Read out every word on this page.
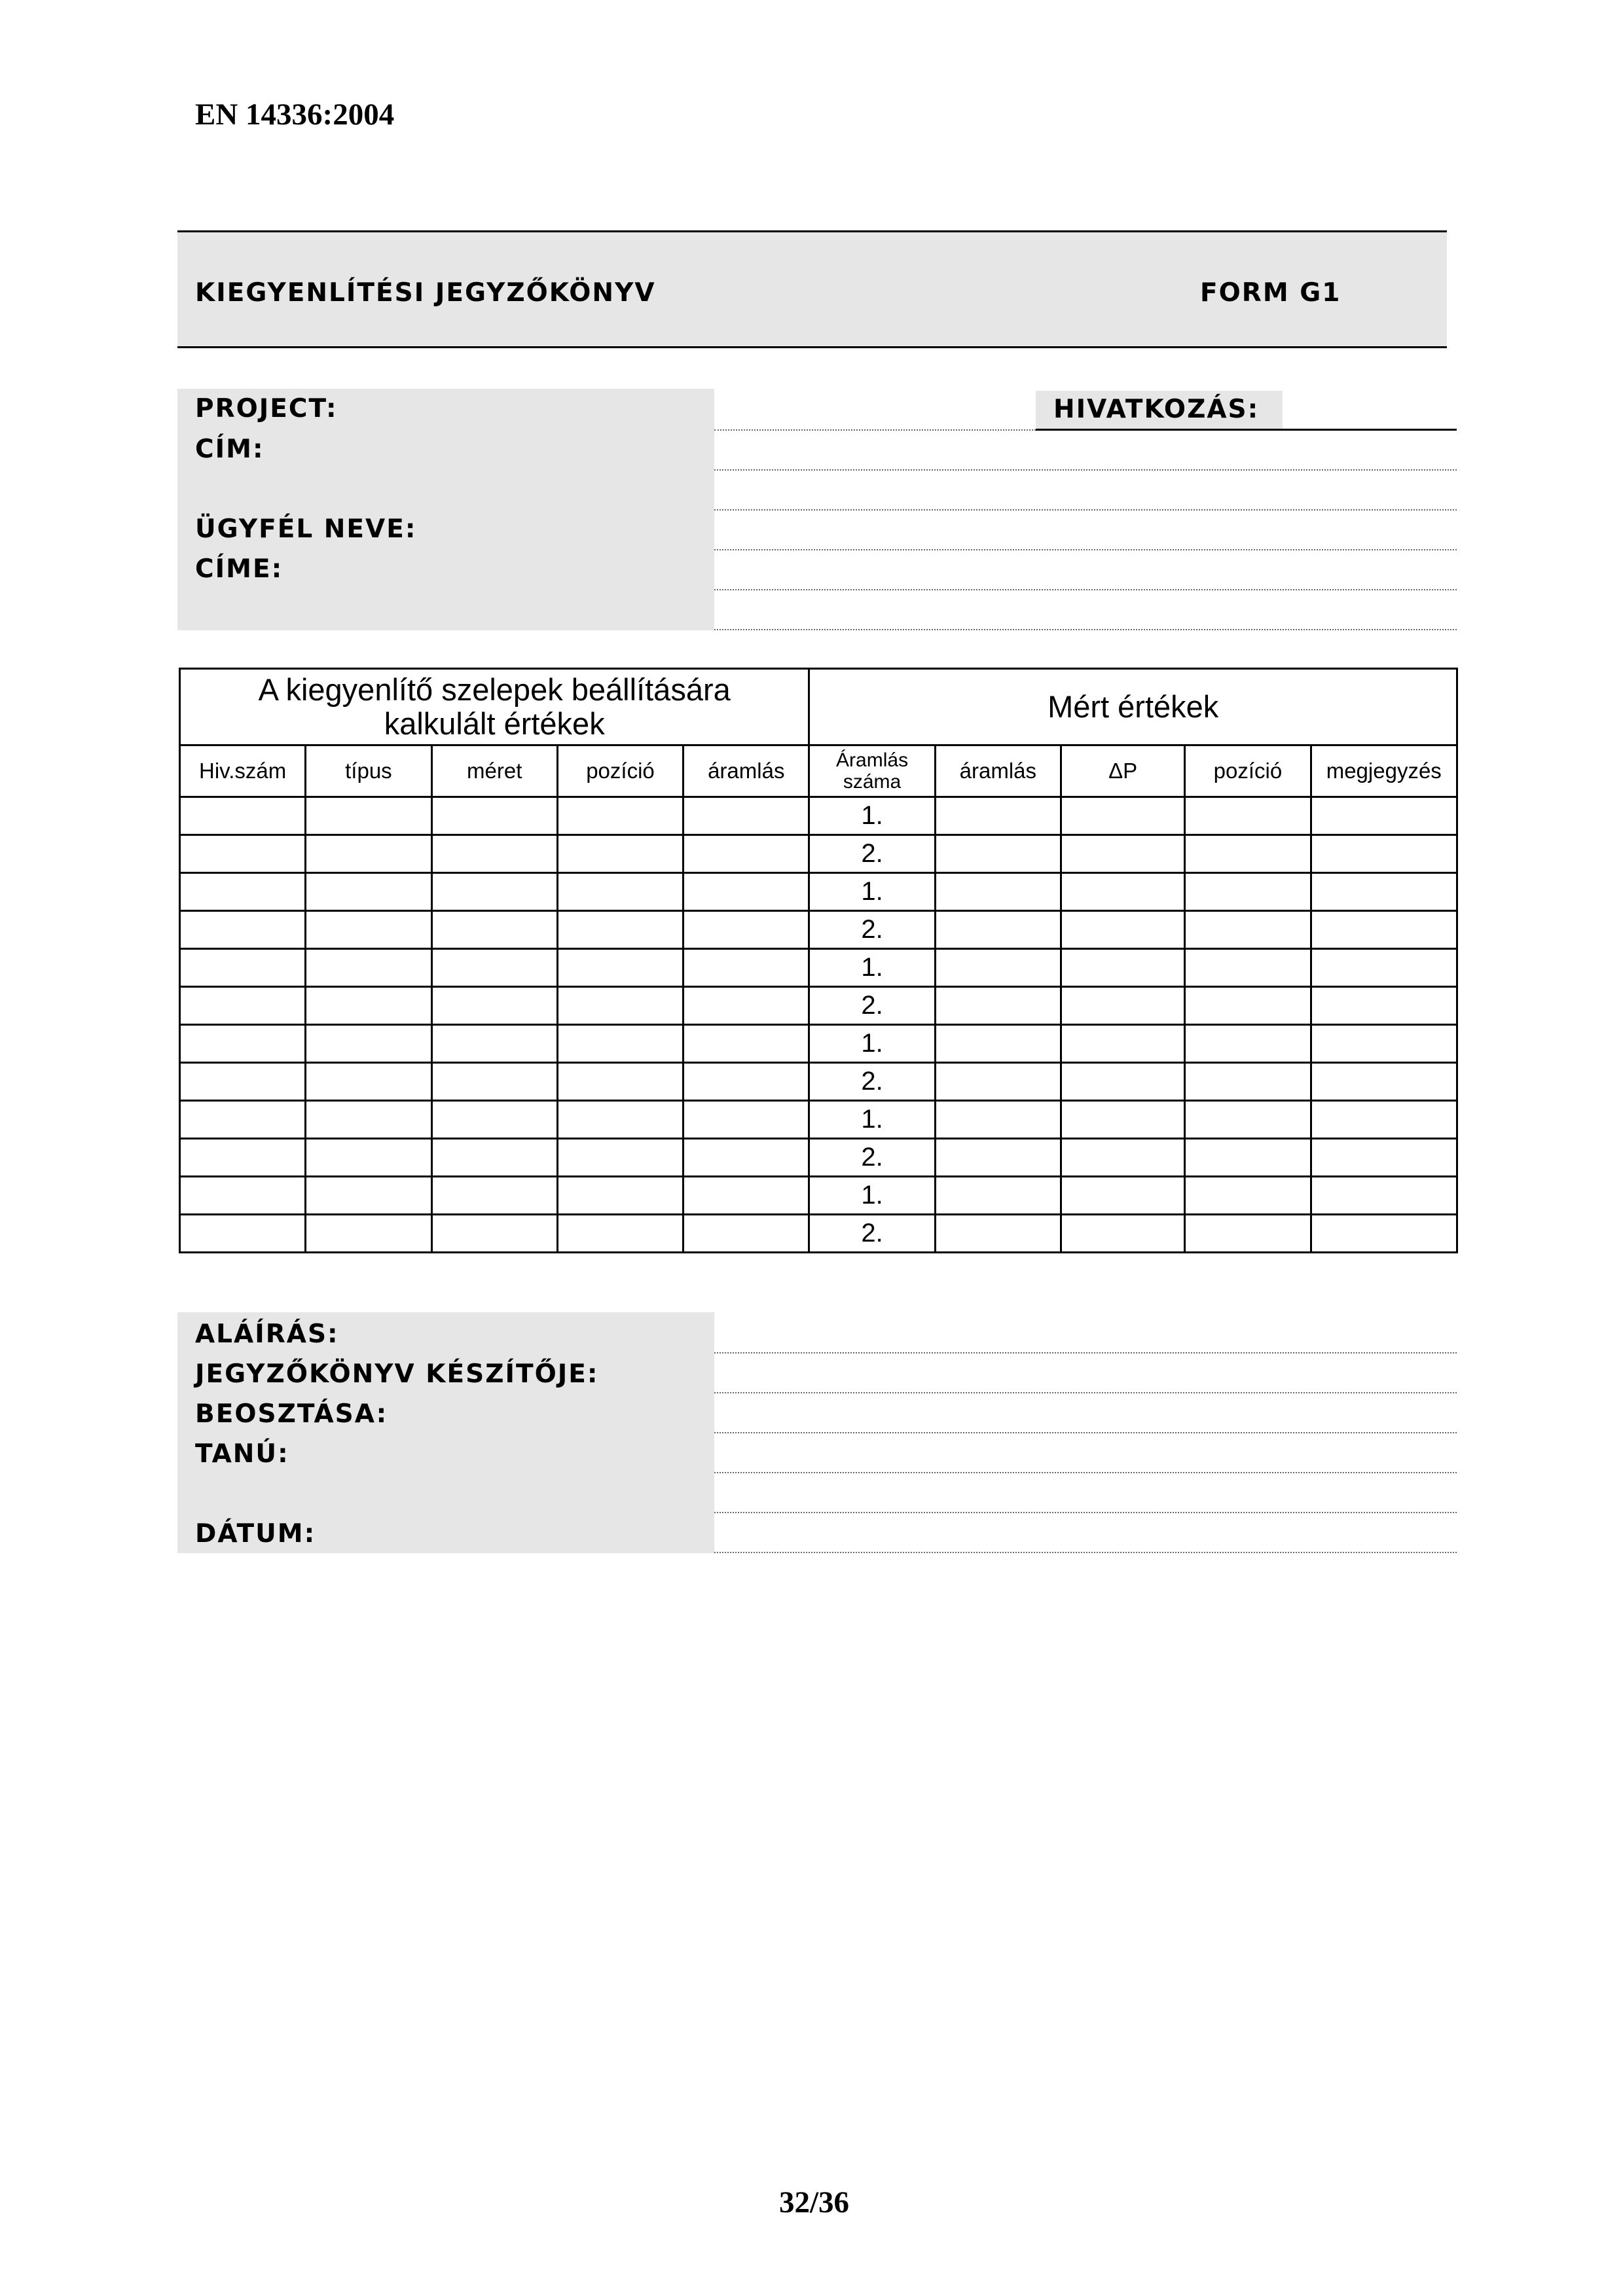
EN 14336:2004
KIEGYENLÍTÉSI JEGYZŐKÖNYV	FORM G1
PROJECT:
CÍM:
ÜGYFÉL NEVE:
CÍME:
HIVATKOZÁS:
A kiegyenlítő szelepek beállítására kalkulált értékek					Mért értékek				
Hiv.szám	típus	méret	pozíció	áramlás	Áramlás száma	áramlás	ΔP	pozíció	megjegyzés
					1.				
					2.				
					1.				
					2.				
					1.				
					2.				
					1.				
					2.				
					1.				
					2.				
					1.				
					2.				
ALÁÍRÁS:
JEGYZŐKÖNYV KÉSZÍTŐJE:
BEOSZTÁSA:
TANÚ:
DÁTUM:
32/36
